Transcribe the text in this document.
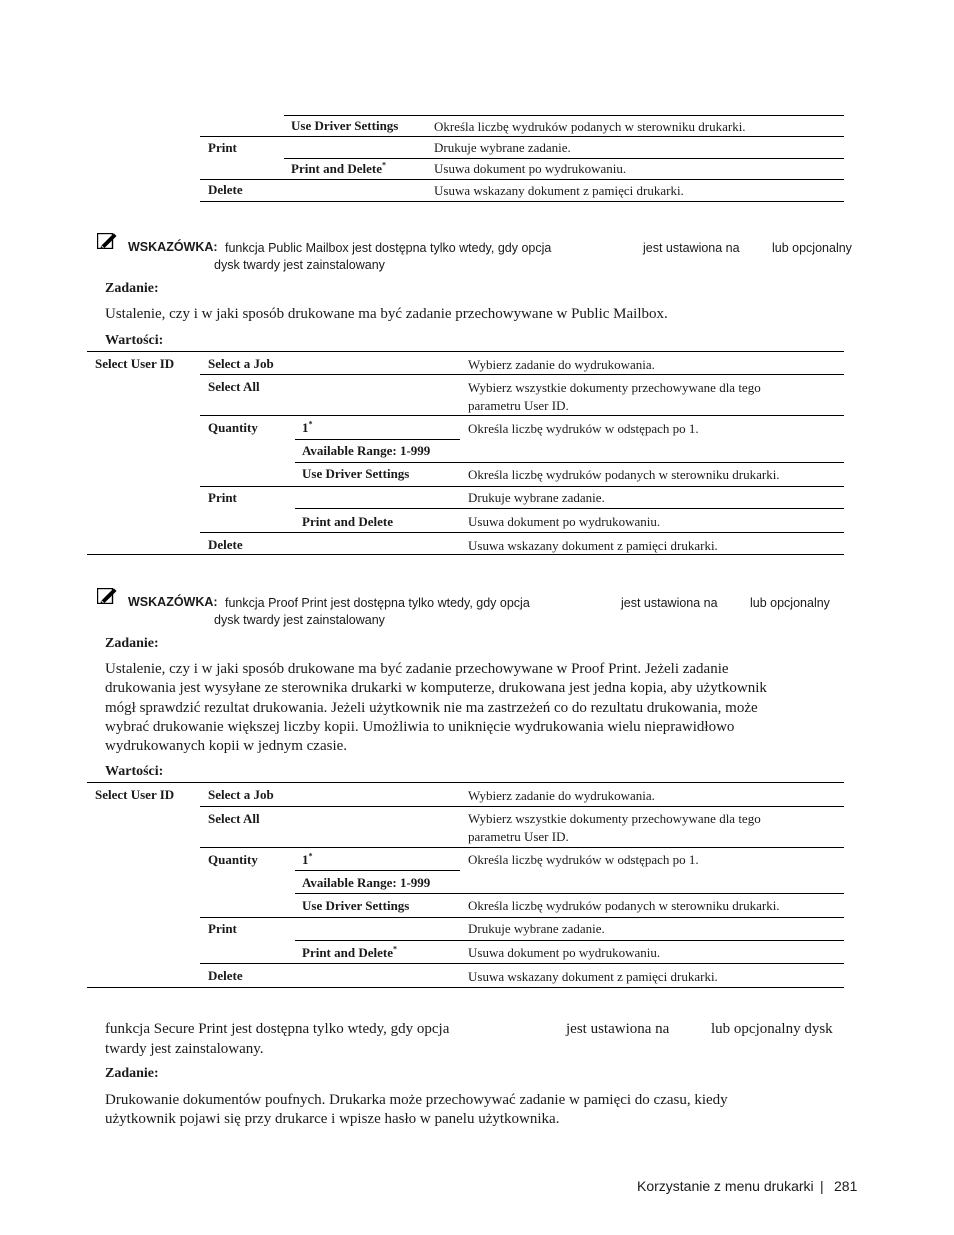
Use Driver Settings	Określa liczbę wydruków podanych w sterowniku drukarki.
Print	Drukuje wybrane zadanie.
Print and Delete*	Usuwa dokument po wydrukowaniu.
Delete	Usuwa wskazany dokument z pamięci drukarki.
WSKAZÓWKA: funkcja Public Mailbox jest dostępna tylko wtedy, gdy opcja	jest ustawiona na	lub opcjonalny
dysk twardy jest zainstalowany
Zadanie:
Ustalenie, czy i w jaki sposób drukowane ma być zadanie przechowywane w Public Mailbox.
Wartości:
Select User ID	Select a Job	Wybierz zadanie do wydrukowania.
Select All	Wybierz wszystkie dokumenty przechowywane dla tego
parametru User ID.
Quantity	1*	Określa liczbę wydruków w odstępach po 1.
Available Range: 1-999
Use Driver Settings	Określa liczbę wydruków podanych w sterowniku drukarki.
Print	Drukuje wybrane zadanie.
Print and Delete	Usuwa dokument po wydrukowaniu.
Delete	Usuwa wskazany dokument z pamięci drukarki.
WSKAZÓWKA: funkcja Proof Print jest dostępna tylko wtedy, gdy opcja	jest ustawiona na	lub opcjonalny
dysk twardy jest zainstalowany
Zadanie:
Ustalenie, czy i w jaki sposób drukowane ma być zadanie przechowywane w Proof Print. Jeżeli zadanie
drukowania jest wysyłane ze sterownika drukarki w komputerze, drukowana jest jedna kopia, aby użytkownik
mógł sprawdzić rezultat drukowania. Jeżeli użytkownik nie ma zastrzeżeń co do rezultatu drukowania, może
wybrać drukowanie większej liczby kopii. Umożliwia to uniknięcie wydrukowania wielu nieprawidłowo
wydrukowanych kopii w jednym czasie.
Wartości:
Select User ID	Select a Job	Wybierz zadanie do wydrukowania.
Select All	Wybierz wszystkie dokumenty przechowywane dla tego
parametru User ID.
Quantity	1*	Określa liczbę wydruków w odstępach po 1.
Available Range: 1-999
Use Driver Settings	Określa liczbę wydruków podanych w sterowniku drukarki.
Print	Drukuje wybrane zadanie.
Print and Delete*	Usuwa dokument po wydrukowaniu.
Delete	Usuwa wskazany dokument z pamięci drukarki.
funkcja Secure Print jest dostępna tylko wtedy, gdy opcja	jest ustawiona na	lub opcjonalny dysk
twardy jest zainstalowany.
Zadanie:
Drukowanie dokumentów poufnych. Drukarka może przechowywać zadanie w pamięci do czasu, kiedy
użytkownik pojawi się przy drukarce i wpisze hasło w panelu użytkownika.
Korzystanie z menu drukarki | 281
